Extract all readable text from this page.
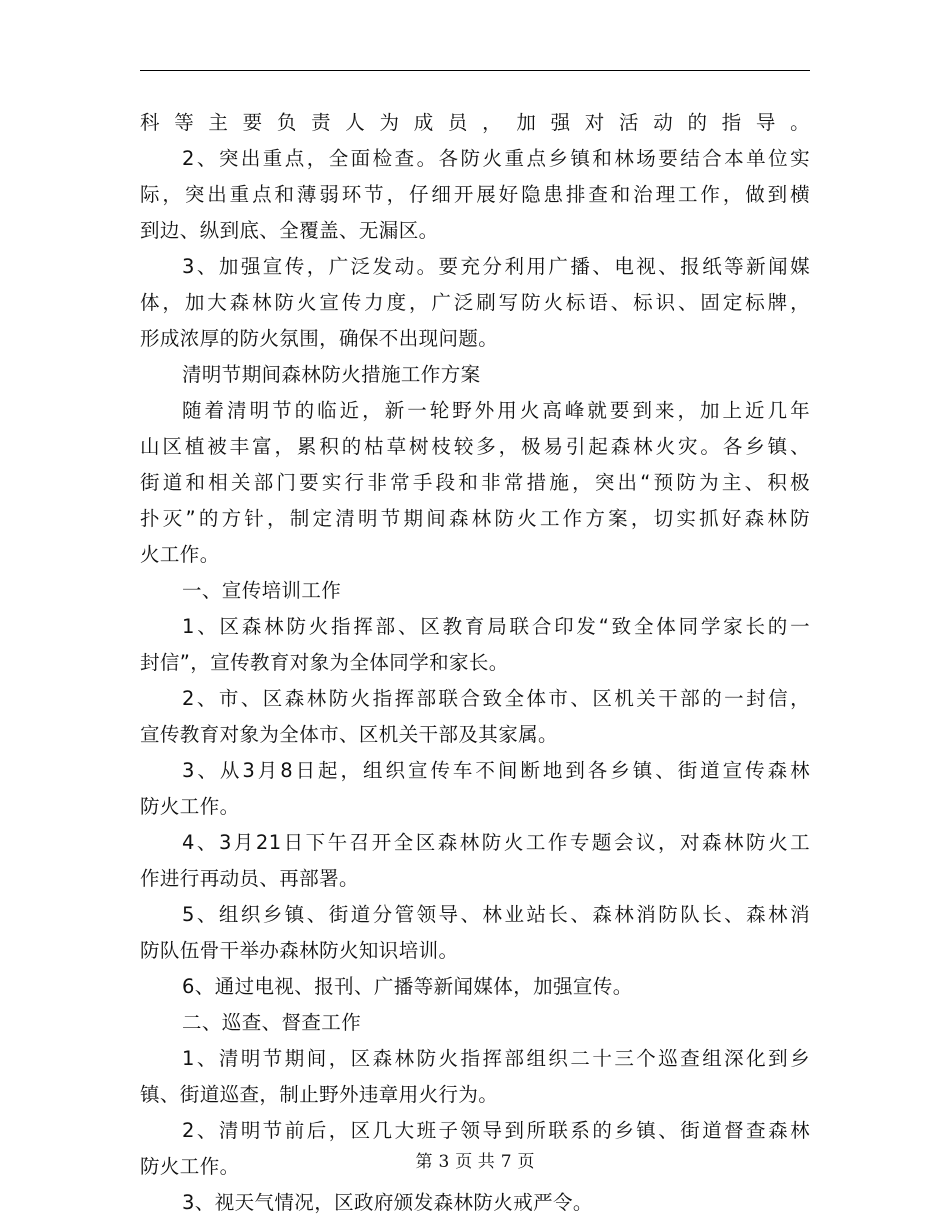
科等主要负责人为成员，加强对活动的指导。
2、突出重点，全面检查。各防火重点乡镇和林场要结合本单位实
际，突出重点和薄弱环节，仔细开展好隐患排查和治理工作，做到横
到边、纵到底、全覆盖、无漏区。
3、加强宣传，广泛发动。要充分利用广播、电视、报纸等新闻媒
体，加大森林防火宣传力度，广泛刷写防火标语、标识、固定标牌，
形成浓厚的防火氛围，确保不出现问题。
清明节期间森林防火措施工作方案
随着清明节的临近，新一轮野外用火高峰就要到来，加上近几年
山区植被丰富，累积的枯草树枝较多，极易引起森林火灾。各乡镇、
街道和相关部门要实行非常手段和非常措施，突出“预防为主、积极
扑灭”的方针，制定清明节期间森林防火工作方案，切实抓好森林防
火工作。
一、宣传培训工作
1、区森林防火指挥部、区教育局联合印发“致全体同学家长的一
封信”，宣传教育对象为全体同学和家长。
2、市、区森林防火指挥部联合致全体市、区机关干部的一封信，
宣传教育对象为全体市、区机关干部及其家属。
3、从3月8日起，组织宣传车不间断地到各乡镇、街道宣传森林
防火工作。
4、3月21日下午召开全区森林防火工作专题会议，对森林防火工
作进行再动员、再部署。
5、组织乡镇、街道分管领导、林业站长、森林消防队长、森林消
防队伍骨干举办森林防火知识培训。
6、通过电视、报刊、广播等新闻媒体，加强宣传。
二、巡查、督查工作
1、清明节期间，区森林防火指挥部组织二十三个巡查组深化到乡
镇、街道巡查，制止野外违章用火行为。
2、清明节前后，区几大班子领导到所联系的乡镇、街道督查森林
防火工作。
3、视天气情况，区政府颁发森林防火戒严令。
第 3 页 共 7 页
